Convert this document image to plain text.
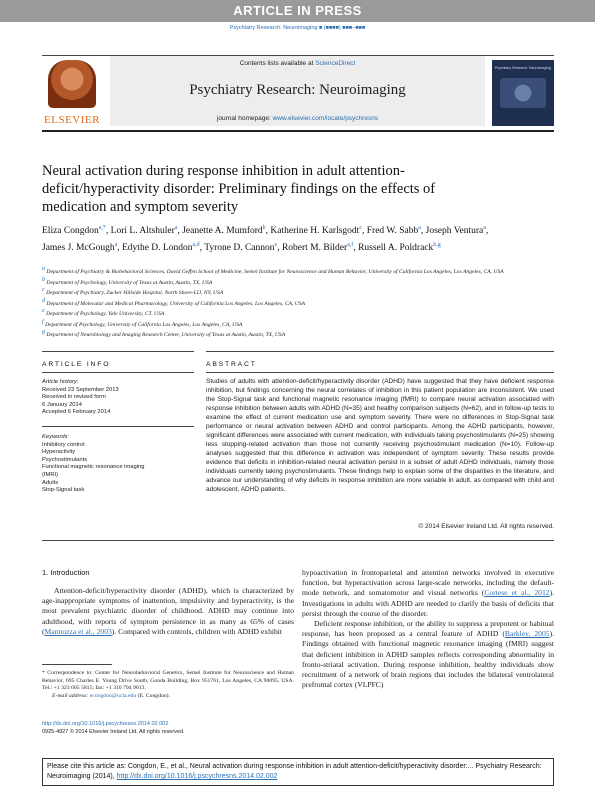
ARTICLE IN PRESS
Psychiatry Research: Neuroimaging ■ (■■■■) ■■■–■■■
ELSEVIER
Contents lists available at ScienceDirect
Psychiatry Research: Neuroimaging
journal homepage: www.elsevier.com/locate/psychresns
Psychiatry Research: Neuroimaging
Neural activation during response inhibition in adult attention-deficit/hyperactivity disorder: Preliminary findings on the effects of medication and symptom severity
Eliza Congdon$^{a,*}$, Lori L. Altshuler$^a$, Jeanette A. Mumford$^b$, Katherine H. Karlsgodt$^c$, Fred W. Sabb$^a$, Joseph Ventura$^a$, James J. McGough$^a$, Edythe D. London$^{a,d}$, Tyrone D. Cannon$^e$, Robert M. Bilder$^{a,f}$, Russell A. Poldrack$^{b,g}$
$^a$ Department of Psychiatry & Biobehavioral Sciences, David Geffen School of Medicine, Semel Institute for Neuroscience and Human Behavior, University of California Los Angeles, Los Angeles, CA, USA
$^b$ Department of Psychology, University of Texas at Austin, Austin, TX, USA
$^c$ Department of Psychiatry, Zucker Hillside Hospital, North Shore-LIJ, NY, USA
$^d$ Department of Molecular and Medical Pharmacology, University of California Los Angeles, Los Angeles, CA, USA
$^e$ Department of Psychology, Yale University, CT, USA
$^f$ Department of Psychology, University of California Los Angeles, Los Angeles, CA, USA
$^g$ Department of Neurobiology and Imaging Research Center, University of Texas at Austin, Austin, TX, USA
ARTICLE INFO	ABSTRACT
Article history:
Received 23 September 2013
Received in revised form
6 January 2014
Accepted 6 February 2014
Keywords:
Inhibitory control
Hyperactivity
Psychostimulants
Functional magnetic resonance imaging
(fMRI)
Adults
Stop-Signal task
Studies of adults with attention-deficit/hyperactivity disorder (ADHD) have suggested that they have deficient response inhibition, but findings concerning the neural correlates of inhibition in this patient population are inconsistent. We used the Stop-Signal task and functional magnetic resonance imaging (fMRI) to compare neural activation associated with response inhibition between adults with ADHD (N=35) and healthy comparison subjects (N=62), and in follow-up tests to examine the effect of current medication use and symptom severity. There were no differences in Stop-Signal task performance or neural activation between ADHD and control participants. Among the ADHD participants, however, significant differences were associated with current medication, with individuals taking psychostimulants (N=25) showing less stopping-related activation than those not currently receiving psychostimulant medication (N=10). Follow-up analyses suggested that this difference in activation was independent of symptom severity. These results provide evidence that deficits in inhibition-related neural activation persist in a subset of adult ADHD individuals, namely those individuals currently taking psychostimulants. These findings help to explain some of the disparities in the literature, and advance our understanding of why deficits in response inhibition are more variable in adult, as compared with child and adolescent, ADHD patients.
© 2014 Elsevier Ireland Ltd. All rights reserved.
1. Introduction

Attention-deficit/hyperactivity disorder (ADHD), which is characterized by age-inappropriate symptoms of inattention, impulsivity and hyperactivity, is the most prevalent psychiatric disorder of childhood. ADHD may continue into adulthood, with reports of symptom persistence in as many as 65% of cases (Mannuzza et al., 2003). Compared with controls, children with ADHD exhibit

* Correspondence to: Center for Neurobehavioral Genetics, Semel Institute for Neuroscience and Human Behavior, 695 Charles E. Young Drive South, Gonda Building, Box 951761, Los Angeles, CA 90095, USA. Tel.: +1 323 605 5815; fax: +1 310 794 9613.
E-mail address: econgdon@ucla.edu (E. Congdon).
http://dx.doi.org/10.1016/j.pscychresns.2014.02.002
0925-4927 © 2014 Elsevier Ireland Ltd. All rights reserved.
hypoactivation in frontoparietal and attention networks involved in executive function, but hyperactivation across large-scale networks, including the default-mode network, and somatomotor and visual networks (Cortese et al., 2012). Investigations in adults with ADHD are needed to clarify the basis of deficits that persist through the course of the disorder.

Deficient response inhibition, or the ability to suppress a prepotent or habitual response, has been proposed as a central feature of ADHD (Barkley, 2005). Findings obtained with functional magnetic resonance imaging (fMRI) suggest that deficient inhibition in ADHD samples reflects corresponding abnormality in fronto-striatal activation. During response inhibition, healthy individuals show recruitment of a network of brain regions that includes the bilateral ventrolateral prefrontal cortex (VLPFC)

Please cite this article as: Congdon, E., et al., Neural activation during response inhibition in adult attention-deficit/hyperactivity disorder:... Psychiatry Research: Neuroimaging (2014), http://dx.doi.org/10.1016/j.pscychresns.2014.02.002
